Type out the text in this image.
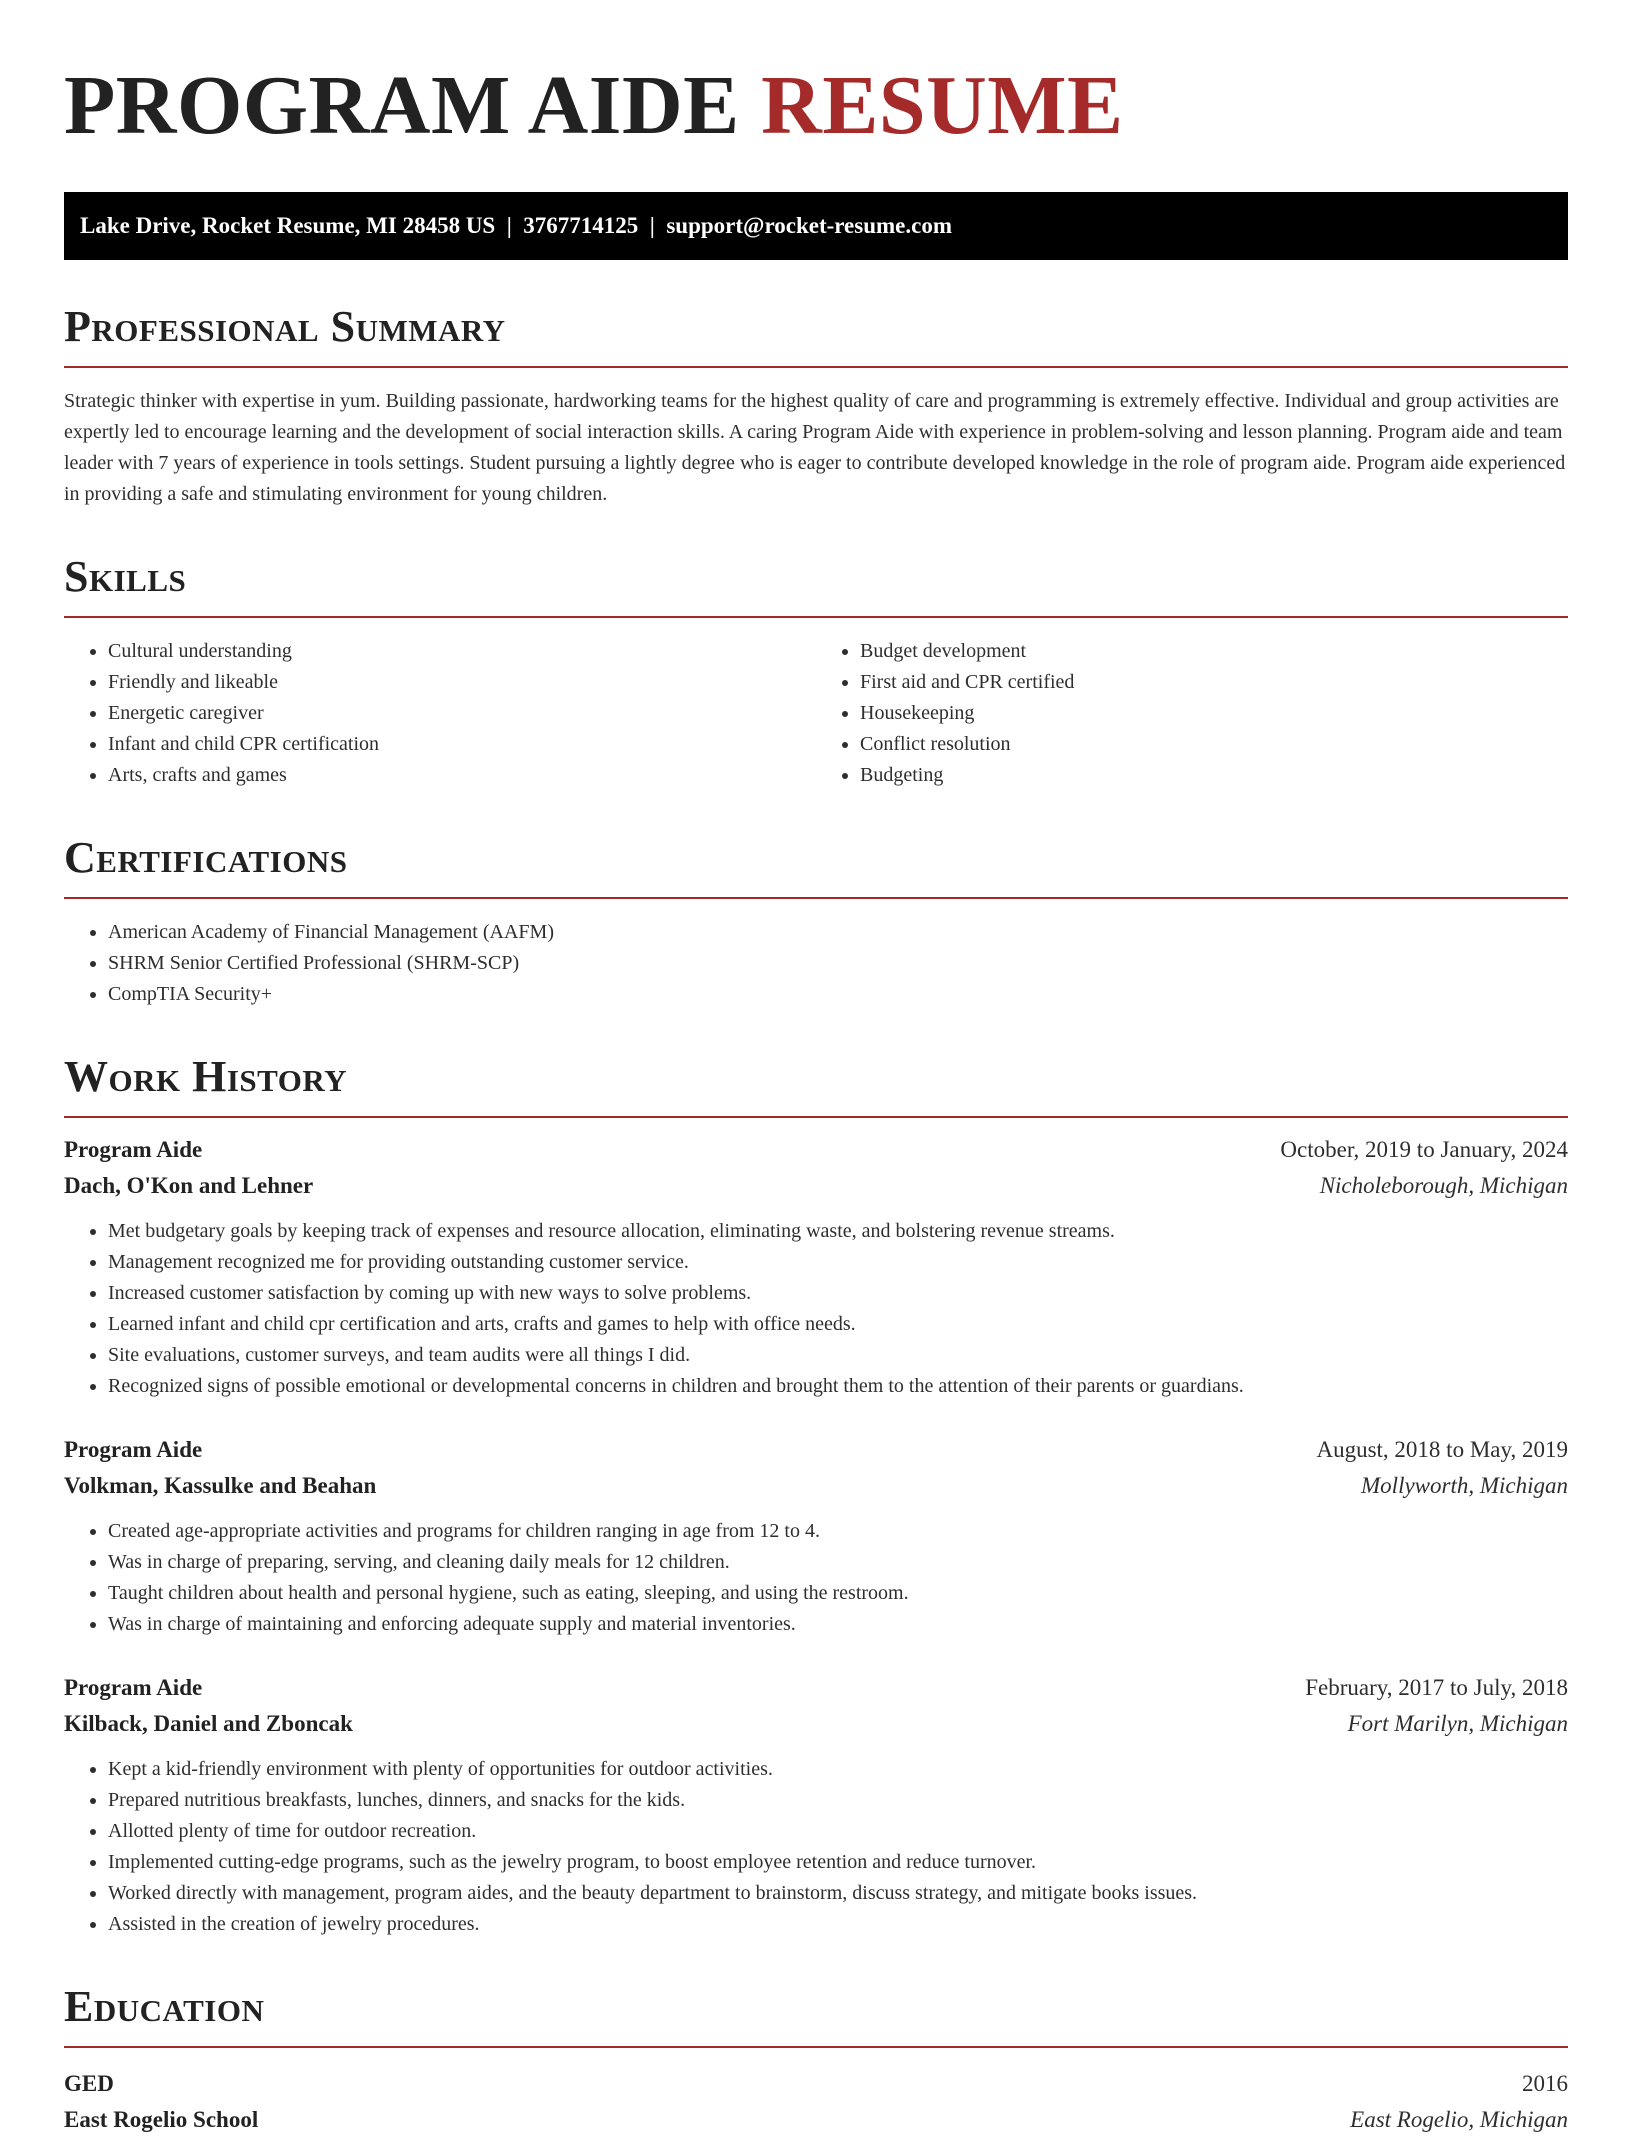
PROGRAM AIDE RESUME
Lake Drive, Rocket Resume, MI 28458 US  |  3767714125  |  support@rocket-resume.com
Professional Summary

Strategic thinker with expertise in yum. Building passionate, hardworking teams for the highest quality of care and programming is extremely effective. Individual and group activities are expertly led to encourage learning and the development of social interaction skills. A caring Program Aide with experience in problem-solving and lesson planning. Program aide and team leader with 7 years of experience in tools settings. Student pursuing a lightly degree who is eager to contribute developed knowledge in the role of program aide. Program aide experienced in providing a safe and stimulating environment for young children.

Skills
• Cultural understanding
• Friendly and likeable
• Energetic caregiver
• Infant and child CPR certification
• Arts, crafts and games
• Budget development
• First aid and CPR certified
• Housekeeping
• Conflict resolution
• Budgeting
Certifications
• American Academy of Financial Management (AAFM)
• SHRM Senior Certified Professional (SHRM-SCP)
• CompTIA Security+
Work History
Program Aide	October, 2019 to January, 2024
Dach, O'Kon and Lehner	Nicholeborough, Michigan
• Met budgetary goals by keeping track of expenses and resource allocation, eliminating waste, and bolstering revenue streams.
• Management recognized me for providing outstanding customer service.
• Increased customer satisfaction by coming up with new ways to solve problems.
• Learned infant and child cpr certification and arts, crafts and games to help with office needs.
• Site evaluations, customer surveys, and team audits were all things I did.
• Recognized signs of possible emotional or developmental concerns in children and brought them to the attention of their parents or guardians.
Program Aide	August, 2018 to May, 2019
Volkman, Kassulke and Beahan	Mollyworth, Michigan
• Created age-appropriate activities and programs for children ranging in age from 12 to 4.
• Was in charge of preparing, serving, and cleaning daily meals for 12 children.
• Taught children about health and personal hygiene, such as eating, sleeping, and using the restroom.
• Was in charge of maintaining and enforcing adequate supply and material inventories.
Program Aide	February, 2017 to July, 2018
Kilback, Daniel and Zboncak	Fort Marilyn, Michigan
• Kept a kid-friendly environment with plenty of opportunities for outdoor activities.
• Prepared nutritious breakfasts, lunches, dinners, and snacks for the kids.
• Allotted plenty of time for outdoor recreation.
• Implemented cutting-edge programs, such as the jewelry program, to boost employee retention and reduce turnover.
• Worked directly with management, program aides, and the beauty department to brainstorm, discuss strategy, and mitigate books issues.
• Assisted in the creation of jewelry procedures.
Education
GED	2016
East Rogelio School	East Rogelio, Michigan
